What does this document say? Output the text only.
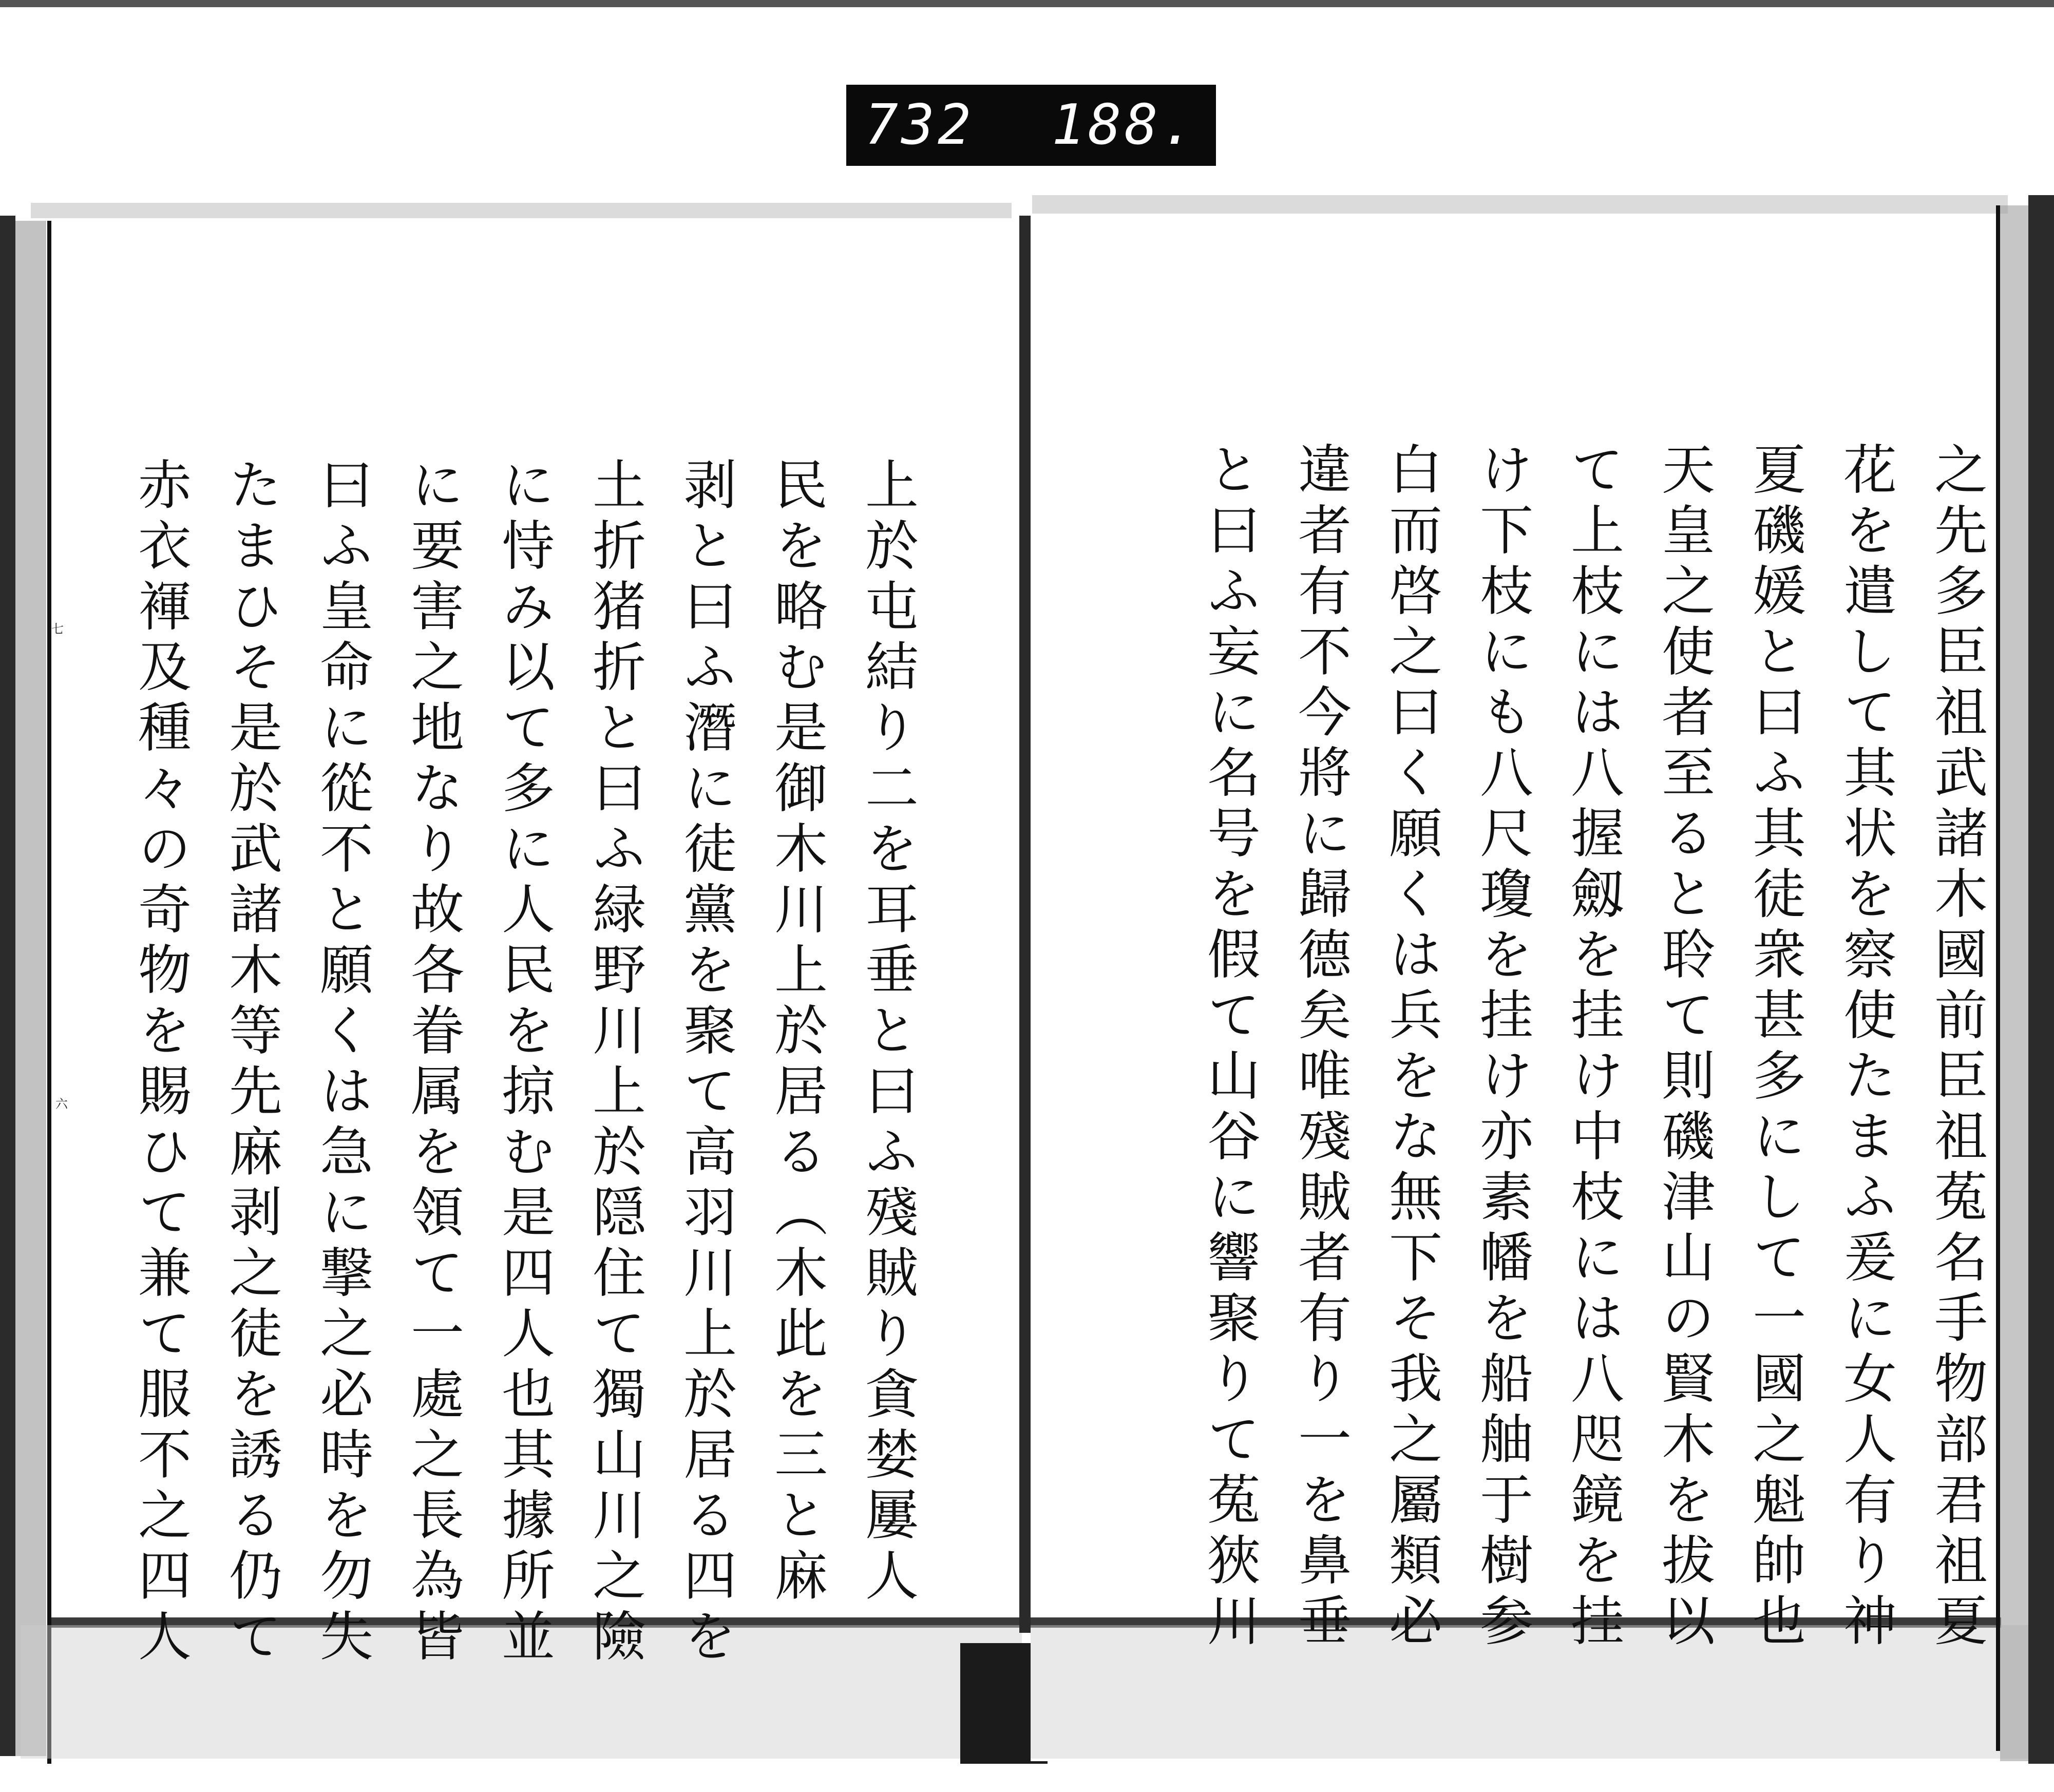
732 188.
七
六	之先多臣祖武諸木國前臣祖菟名手物部君祖夏
花を遣して其状を察使たまふ爰に女人有り神
夏磯媛と曰ふ其徒衆甚多にして一國之魁帥也
天皇之使者至ると聆て則磯津山の賢木を拔以
て上枝には八握劔を挂け中枝には八咫鏡を挂
け下枝にも八尺瓊を挂け亦素幡を船舳于樹参
白而啓之曰く願くは兵をな無下そ我之屬類必
違者有不今將に歸德矣唯殘賊者有り一を鼻垂
と曰ふ妄に名号を假て山谷に響聚りて菟狹川
上於屯結り二を耳垂と曰ふ殘賊り貪婪屢人
民を略む是御木川上於居る（木此を三と麻
剥と曰ふ潛に徒黨を聚て高羽川上於居る四を
土折猪折と曰ふ緑野川上於隠住て獨山川之險
に恃み以て多に人民を掠む是四人也其據所並
に要害之地なり故各眷属を領て一處之長為皆
曰ふ皇命に從不と願くは急に撃之必時を勿失
たまひそ是於武諸木等先麻剥之徒を誘る仍て
赤衣褌及種々の奇物を賜ひて兼て服不之四人
